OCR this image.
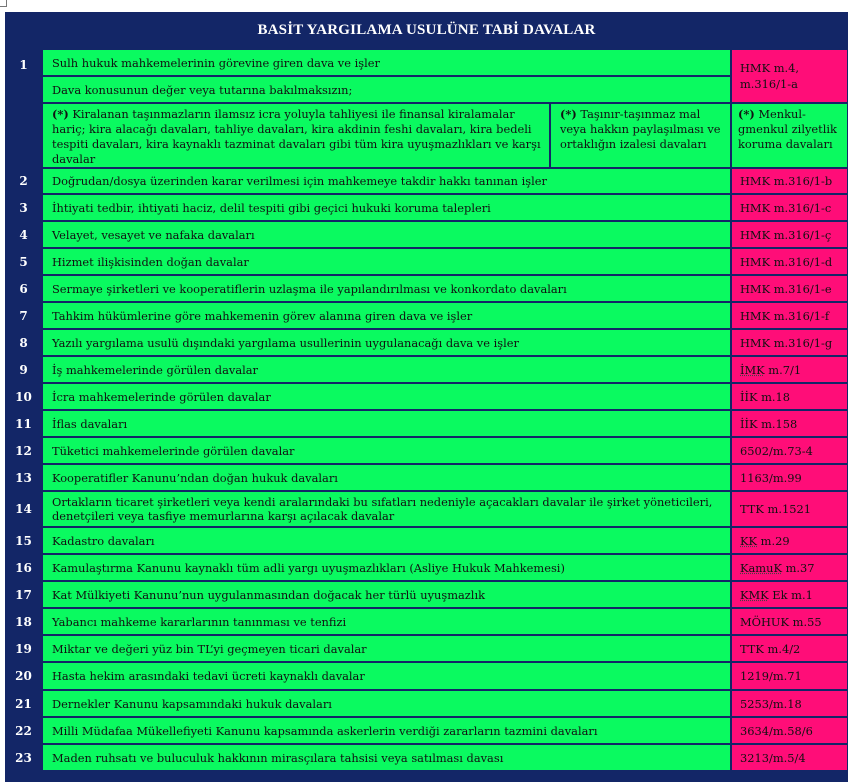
BASİT YARGILAMA USULÜNE TABİ DAVALAR			
1	Sulh hukuk mahkemelerinin görevine giren dava ve işler		HMK m.4,
m.316/1-a
	Dava konusunun değer veya tutarına bakılmaksızın;		
	(*) Kiralanan taşınmazların ilamsız icra yoluyla tahliyesi ile finansal kiralamalar hariç; kira alacağı davaları, tahliye davaları, kira akdinin feshi davaları, kira bedeli tespiti davaları, kira kaynaklı tazminat davaları gibi tüm kira uyuşmazlıkları ve karşı davalar	(*) Taşınır-taşınmaz mal veya hakkın paylaşılması ve ortaklığın izalesi davaları	(*) Menkul-gmenkul zilyetlik koruma davaları
2	Doğrudan/dosya üzerinden karar verilmesi için mahkemeye takdir hakkı tanınan işler		HMK m.316/1-b
3	İhtiyati tedbir, ihtiyati haciz, delil tespiti gibi geçici hukuki koruma talepleri		HMK m.316/1-c
4	Velayet, vesayet ve nafaka davaları		HMK m.316/1-ç
5	Hizmet ilişkisinden doğan davalar		HMK m.316/1-d
6	Sermaye şirketleri ve kooperatiflerin uzlaşma ile yapılandırılması ve konkordato davaları		HMK m.316/1-e
7	Tahkim hükümlerine göre mahkemenin görev alanına giren dava ve işler		HMK m.316/1-f
8	Yazılı yargılama usulü dışındaki yargılama usullerinin uygulanacağı dava ve işler		HMK m.316/1-g
9	İş mahkemelerinde görülen davalar		İMK m.7/1
10	İcra mahkemelerinde görülen davalar		İİK m.18
11	İflas davaları		İİK m.158
12	Tüketici mahkemelerinde görülen davalar		6502/m.73-4
13	Kooperatifler Kanunu’ndan doğan hukuk davaları		1163/m.99
14	Ortakların ticaret şirketleri veya kendi aralarındaki bu sıfatları nedeniyle açacakları davalar ile şirket yöneticileri, denetçileri veya tasfiye memurlarına karşı açılacak davalar		TTK m.1521
15	Kadastro davaları		KK m.29
16	Kamulaştırma Kanunu kaynaklı tüm adli yargı uyuşmazlıkları (Asliye Hukuk Mahkemesi)		KamuK m.37
17	Kat Mülkiyeti Kanunu’nun uygulanmasından doğacak her türlü uyuşmazlık		KMK Ek m.1
18	Yabancı mahkeme kararlarının tanınması ve tenfizi		MÖHUK m.55
19	Miktar ve değeri yüz bin TL’yi geçmeyen ticari davalar		TTK m.4/2
20	Hasta hekim arasındaki tedavi ücreti kaynaklı davalar		1219/m.71
21	Dernekler Kanunu kapsamındaki hukuk davaları		5253/m.18
22	Milli Müdafaa Mükellefiyeti Kanunu kapsamında askerlerin verdiği zararların tazmini davaları		3634/m.58/6
23	Maden ruhsatı ve buluculuk hakkının mirasçılara tahsisi veya satılması davası		3213/m.5/4
